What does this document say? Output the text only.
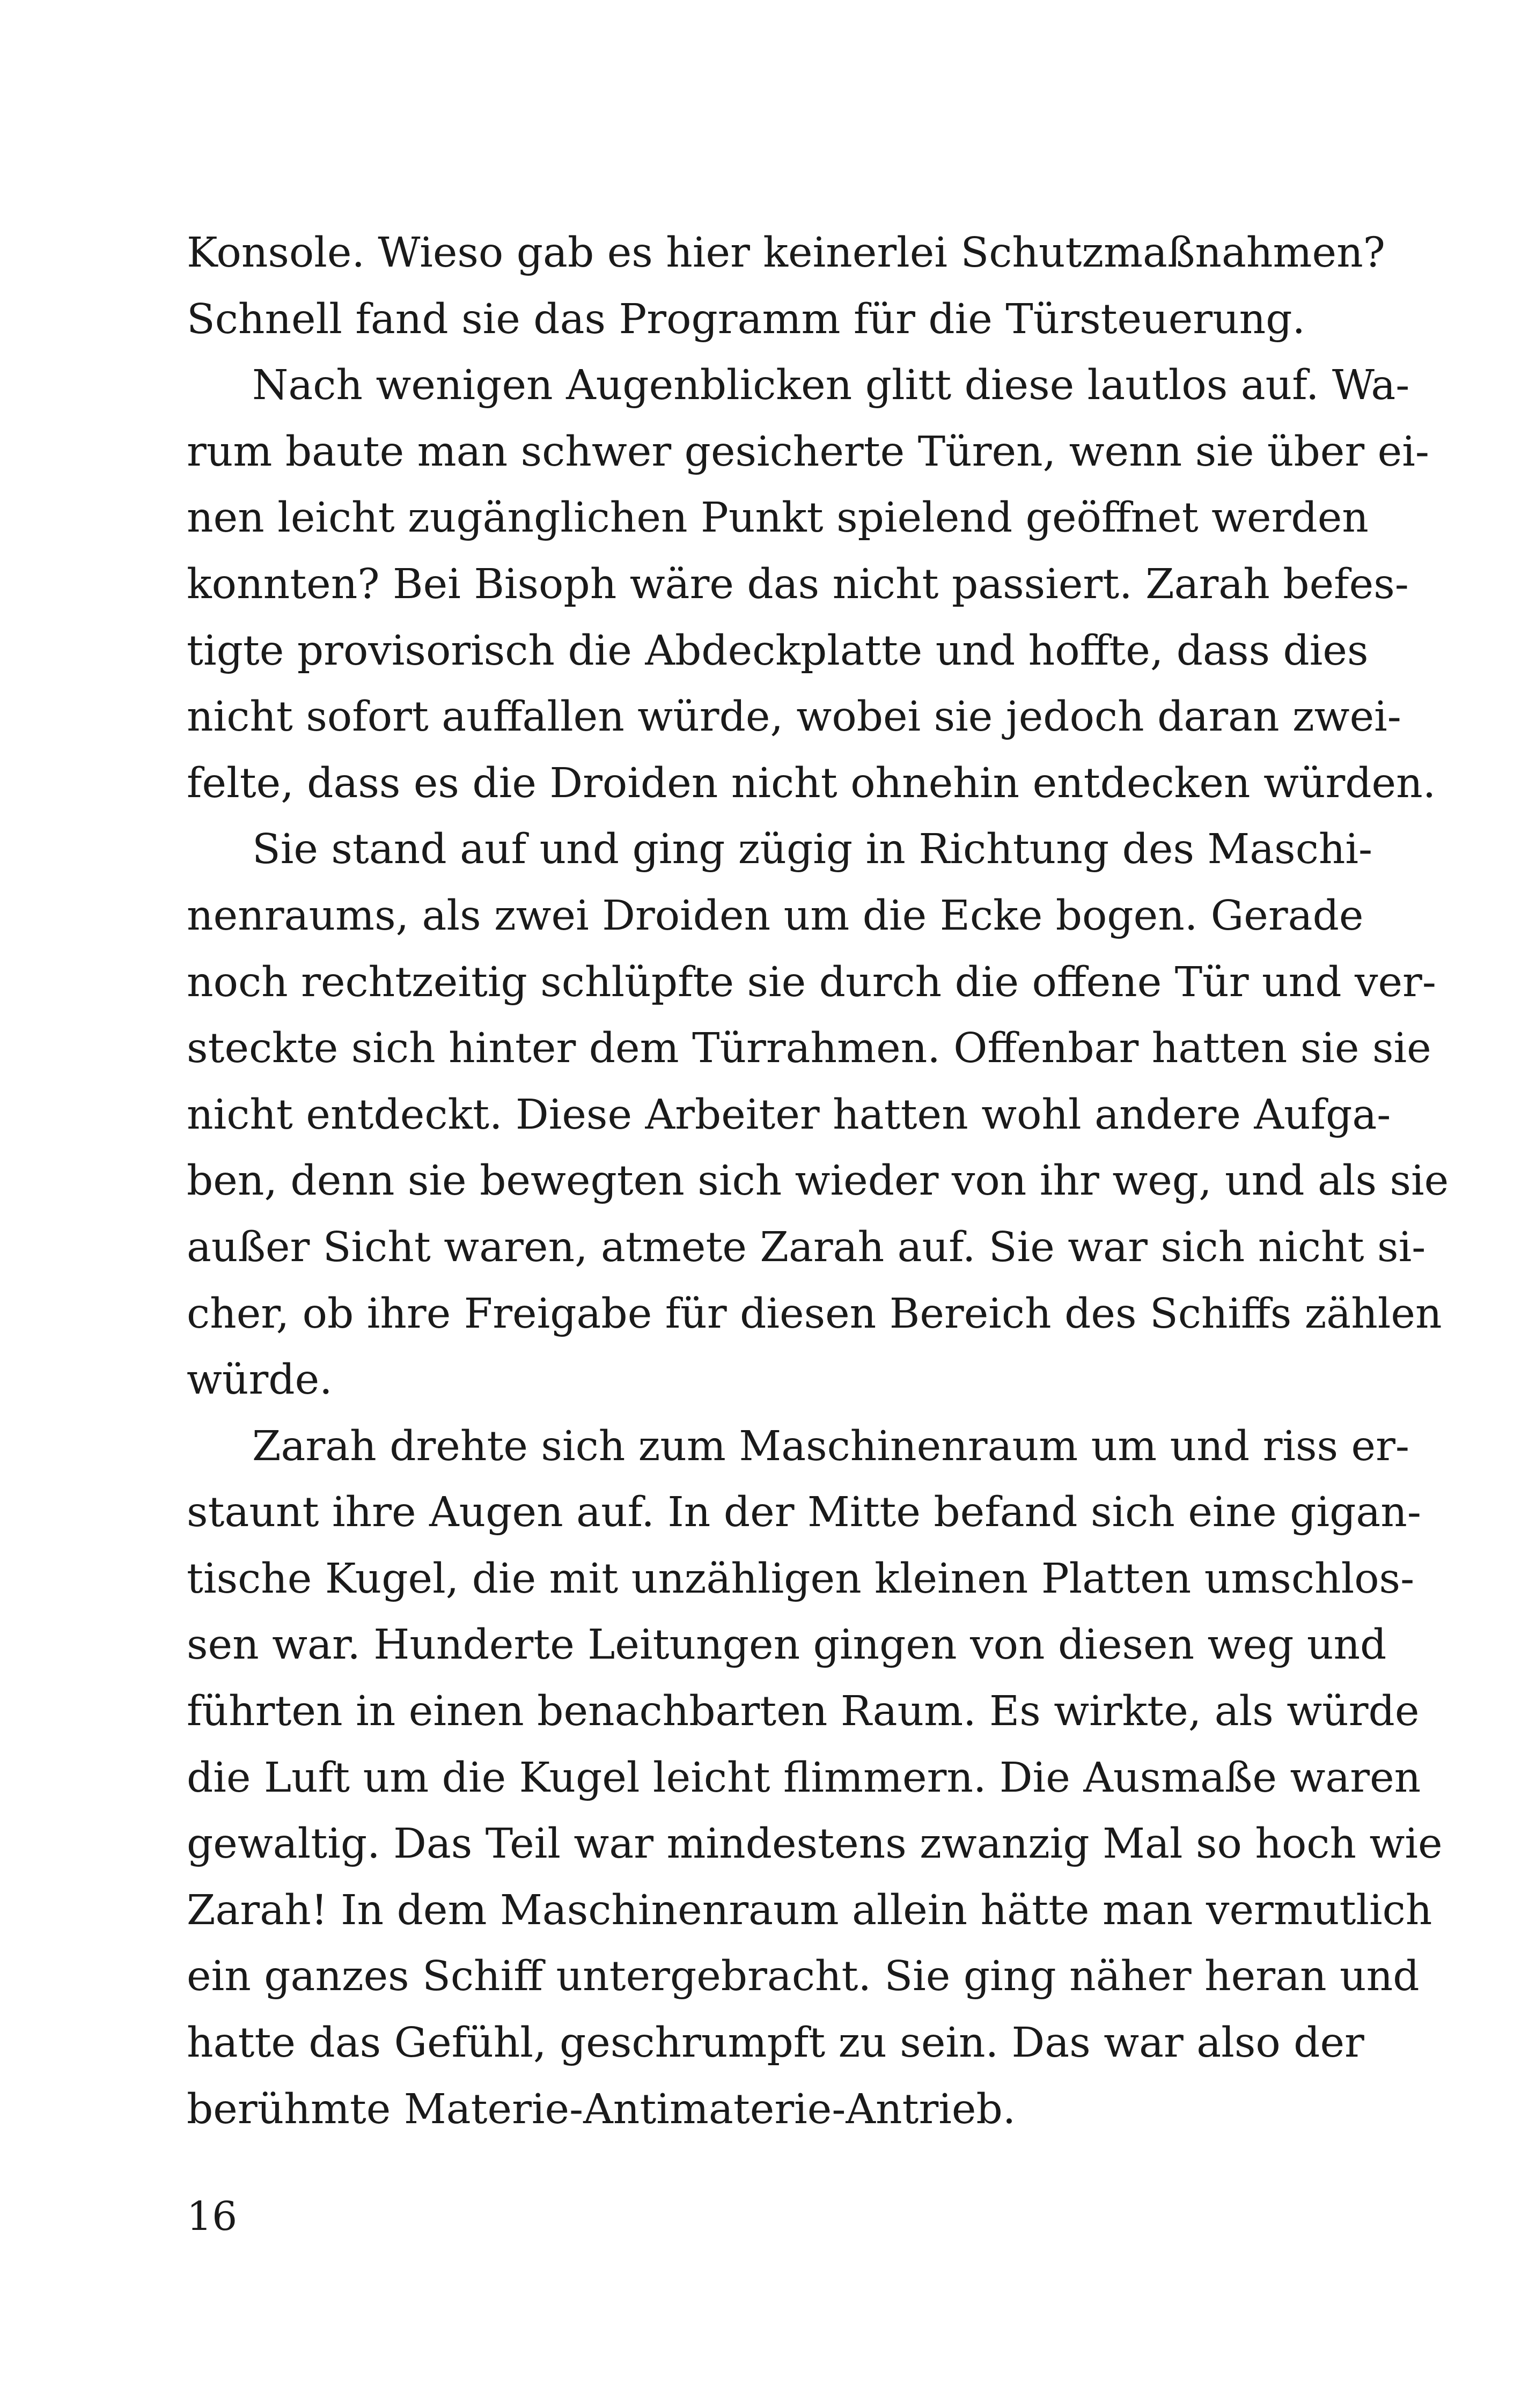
Konsole. Wieso gab es hier keinerlei Schutzmaßnahmen?
Schnell fand sie das Programm für die Türsteuerung.
Nach wenigen Augenblicken glitt diese lautlos auf. Wa-
rum baute man schwer gesicherte Türen, wenn sie über ei-
nen leicht zugänglichen Punkt spielend geöffnet werden
konnten? Bei Bisoph wäre das nicht passiert. Zarah befes-
tigte provisorisch die Abdeckplatte und hoffte, dass dies
nicht sofort auffallen würde, wobei sie jedoch daran zwei-
felte, dass es die Droiden nicht ohnehin entdecken würden.
Sie stand auf und ging zügig in Richtung des Maschi-
nenraums, als zwei Droiden um die Ecke bogen. Gerade
noch rechtzeitig schlüpfte sie durch die offene Tür und ver-
steckte sich hinter dem Türrahmen. Offenbar hatten sie sie
nicht entdeckt. Diese Arbeiter hatten wohl andere Aufga-
ben, denn sie bewegten sich wieder von ihr weg, und als sie
außer Sicht waren, atmete Zarah auf. Sie war sich nicht si-
cher, ob ihre Freigabe für diesen Bereich des Schiffs zählen
würde.
Zarah drehte sich zum Maschinenraum um und riss er-
staunt ihre Augen auf. In der Mitte befand sich eine gigan-
tische Kugel, die mit unzähligen kleinen Platten umschlos-
sen war. Hunderte Leitungen gingen von diesen weg und
führten in einen benachbarten Raum. Es wirkte, als würde
die Luft um die Kugel leicht flimmern. Die Ausmaße waren
gewaltig. Das Teil war mindestens zwanzig Mal so hoch wie
Zarah! In dem Maschinenraum allein hätte man vermutlich
ein ganzes Schiff untergebracht. Sie ging näher heran und
hatte das Gefühl, geschrumpft zu sein. Das war also der
berühmte Materie-Antimaterie-Antrieb.
16
